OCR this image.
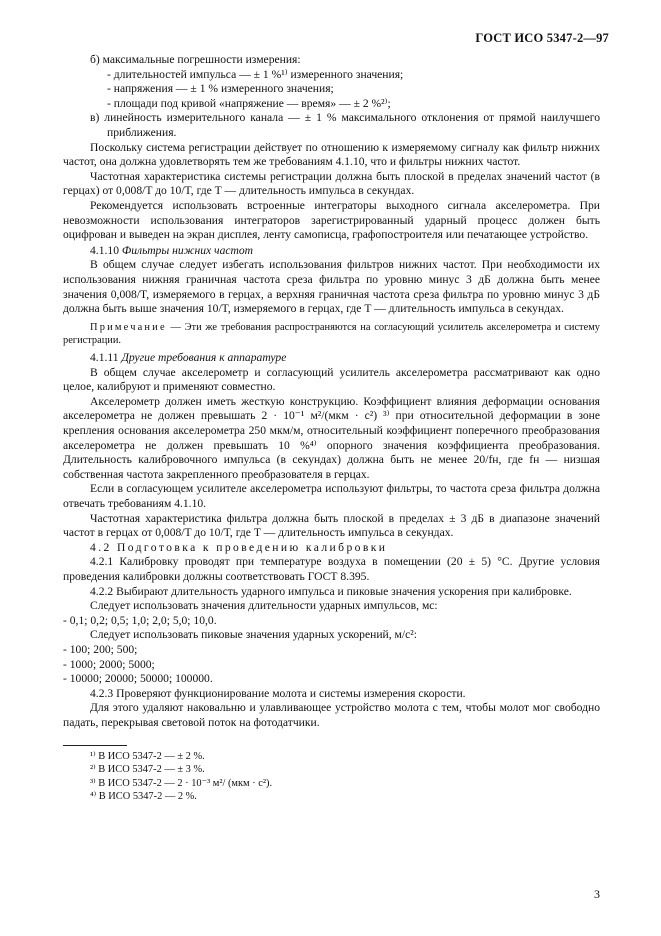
ГОСТ ИСО 5347-2—97

б) максимальные погрешности измерения:

- длительностей импульса — ± 1 %¹⁾ измеренного значения;

- напряжения — ± 1 % измеренного значения;

- площади под кривой «напряжение — время» — ± 2 %²⁾;

в) линейность измерительного канала — ± 1 % максимального отклонения от прямой наилучшего приближения.

Поскольку система регистрации действует по отношению к измеряемому сигналу как фильтр нижних частот, она должна удовлетворять тем же требованиям 4.1.10, что и фильтры нижних частот.

Частотная характеристика системы регистрации должна быть плоской в пределах значений частот (в герцах) от 0,008/T до 10/T, где T — длительность импульса в секундах.

Рекомендуется использовать встроенные интеграторы выходного сигнала акселерометра. При невозможности использования интеграторов зарегистрированный ударный процесс должен быть оцифрован и выведен на экран дисплея, ленту самописца, графопостроителя или печатающее устройство.

4.1.10 Фильтры нижних частот

В общем случае следует избегать использования фильтров нижних частот. При необходимости их использования нижняя граничная частота среза фильтра по уровню минус 3 дБ должна быть менее значения 0,008/T, измеряемого в герцах, а верхняя граничная частота среза фильтра по уровню минус 3 дБ должна быть выше значения 10/T, измеряемого в герцах, где T — длительность импульса в секундах.

Примечание — Эти же требования распространяются на согласующий усилитель акселерометра и систему регистрации.

4.1.11 Другие требования к аппаратуре

В общем случае акселерометр и согласующий усилитель акселерометра рассматривают как одно целое, калибруют и применяют совместно.

Акселерометр должен иметь жесткую конструкцию. Коэффициент влияния деформации основания акселерометра не должен превышать 2 · 10⁻¹ м²/(мкм · с²) ³⁾ при относительной деформации в зоне крепления основания акселерометра 250 мкм/м, относительный коэффициент поперечного преобразования акселерометра не должен превышать 10 %⁴⁾ опорного значения коэффициента преобразования. Длительность калибровочного импульса (в секундах) должна быть не менее 20/fн, где fн — низшая собственная частота закрепленного преобразователя в герцах.

Если в согласующем усилителе акселерометра используют фильтры, то частота среза фильтра должна отвечать требованиям 4.1.10.

Частотная характеристика фильтра должна быть плоской в пределах ± 3 дБ в диапазоне значений частот в герцах от 0,008/T до 10/T, где T — длительность импульса в секундах.

4.2 Подготовка к проведению калибровки

4.2.1 Калибровку проводят при температуре воздуха в помещении (20 ± 5) °С. Другие условия проведения калибровки должны соответствовать ГОСТ 8.395.

4.2.2 Выбирают длительность ударного импульса и пиковые значения ускорения при калибровке.

Следует использовать значения длительности ударных импульсов, мс:

- 0,1; 0,2; 0,5; 1,0; 2,0; 5,0; 10,0.

Следует использовать пиковые значения ударных ускорений, м/с²:

- 100; 200; 500;

- 1000; 2000; 5000;

- 10000; 20000; 50000; 100000.

4.2.3 Проверяют функционирование молота и системы измерения скорости.

Для этого удаляют наковальню и улавливающее устройство молота с тем, чтобы молот мог свободно падать, перекрывая световой поток на фотодатчики.

¹⁾ В ИСО 5347-2 — ± 2 %.
²⁾ В ИСО 5347-2 — ± 3 %.
³⁾ В ИСО 5347-2 — 2 · 10⁻³ м²/ (мкм · с²).
⁴⁾ В ИСО 5347-2 — 2 %.
3
